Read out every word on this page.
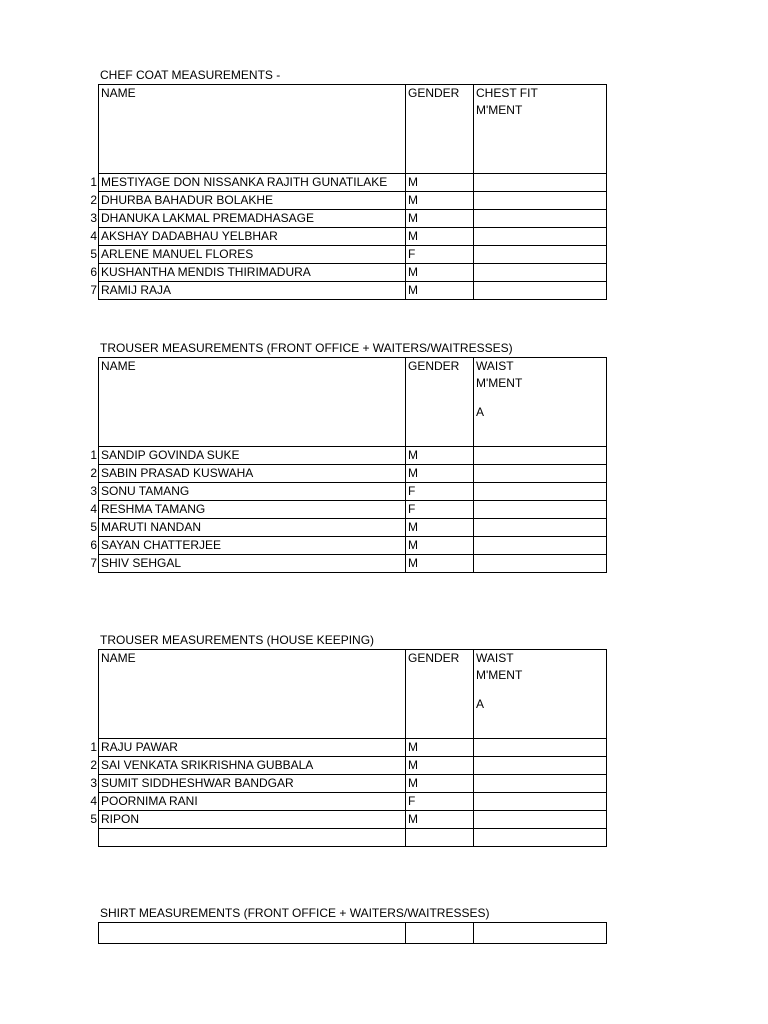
CHEF COAT MEASUREMENTS -
NAME	GENDER	CHEST FIT
M'MENT

1 MESTIYAGE DON NISSANKA RAJITH GUNATILAKE	M	

2 DHURBA BAHADUR BOLAKHE	M	

3 DHANUKA LAKMAL PREMADHASAGE	M	

4 AKSHAY DADABHAU YELBHAR	M	

5 ARLENE MANUEL FLORES	F	

6 KUSHANTHA MENDIS THIRIMADURA	M	

7 RAMIJ RAJA	M	
TROUSER MEASUREMENTS (FRONT OFFICE + WAITERS/WAITRESSES)
NAME	GENDER	WAIST
M'MENT
A

1 SANDIP GOVINDA SUKE	M	

2 SABIN PRASAD KUSWAHA	M	

3 SONU TAMANG	F	

4 RESHMA TAMANG	F	

5 MARUTI NANDAN	M	

6 SAYAN CHATTERJEE	M	

7 SHIV SEHGAL	M	
TROUSER MEASUREMENTS (HOUSE KEEPING)
NAME	GENDER	WAIST
M'MENT
A

1 RAJU PAWAR	M	

2 SAI VENKATA SRIKRISHNA GUBBALA	M	

3 SUMIT SIDDHESHWAR BANDGAR	M	

4 POORNIMA RANI	F	

5 RIPON	M	

SHIRT MEASUREMENTS (FRONT OFFICE + WAITERS/WAITRESSES)
